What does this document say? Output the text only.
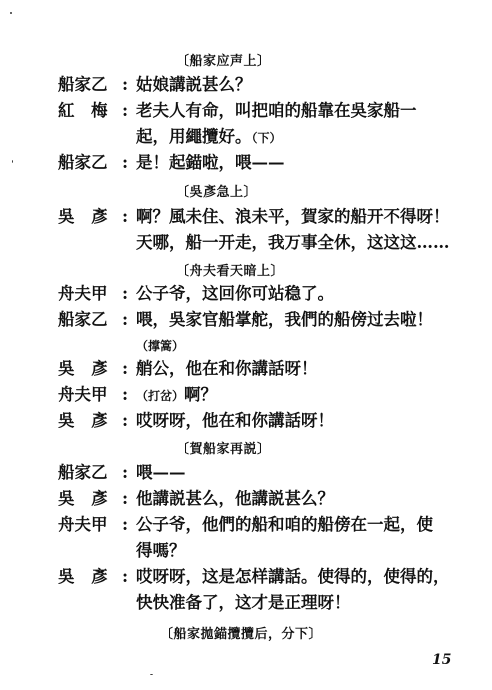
〔船家应声上〕
船家乙 : 姑娘講説甚么？
紅　梅 : 老夫人有命，叫把咱的船靠在吳家船一
起，用繩攬好。（下）
船家乙 : 是！起錨啦，喂——
〔吳彥急上〕
吳　彥 : 啊？風未住、浪未平，賀家的船开不得呀！
天哪，船一开走，我万事全休，这这这……
〔舟夫看天暗上〕
舟夫甲 : 公子爷，这回你可站稳了。
船家乙 : 喂，吳家官船掌舵，我們的船傍过去啦！
（撑篙）
吳　彥 : 艄公，他在和你講話呀！
舟夫甲 : （打岔）啊？
吳　彥 : 哎呀呀，他在和你講話呀！
〔賀船家再説〕
船家乙 : 喂——
吳　彥 : 他講説甚么，他講説甚么？
舟夫甲 : 公子爷，他們的船和咱的船傍在一起，使
得嗎？
吳　彥 : 哎呀呀，这是怎样講話。使得的，使得的，
快快准备了，这才是正理呀！
〔船家拋錨攬攬后，分下〕
15
